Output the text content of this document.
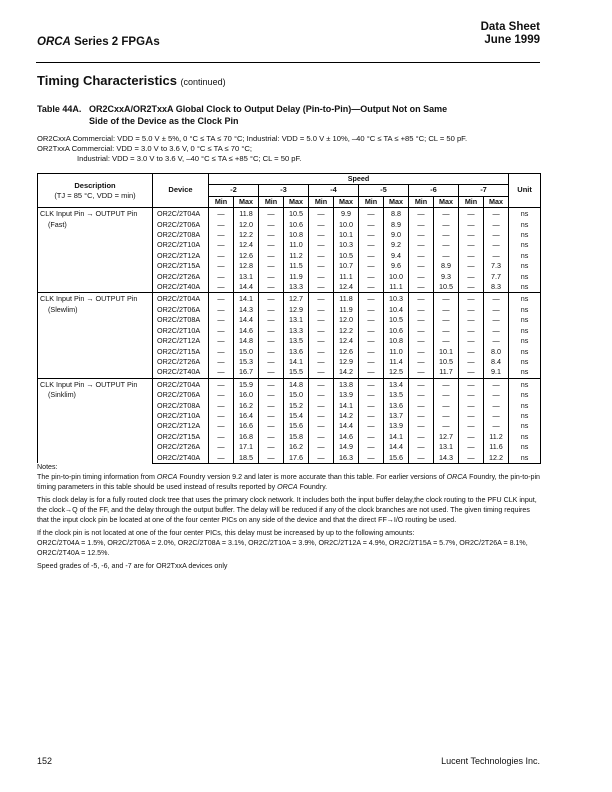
ORCA Series 2 FPGAs
Data Sheet
June 1999
Timing Characteristics (continued)
Table 44A. OR2CxxA/OR2TxxA Global Clock to Output Delay (Pin-to-Pin)—Output Not on Same
Side of the Device as the Clock Pin
OR2CxxA Commercial: VDD = 5.0 V ± 5%, 0 °C ≤ TA ≤ 70 °C; Industrial: VDD = 5.0 V ± 10%, –40 °C ≤ TA ≤ +85 °C; CL = 50 pF.
OR2TxxA Commercial: VDD = 3.0 V to 3.6 V, 0 °C ≤ TA ≤ 70 °C;
Industrial: VDD = 3.0 V to 3.6 V, –40 °C ≤ TA ≤ +85 °C; CL = 50 pF.
Description
(TJ = 85 °C, VDD = min)	Device	Speed												Unit
		-2		-3		-4		-5		-6		-7		
		Min	Max	Min	Max	Min	Max	Min	Max	Min	Max	Min	Max	

CLK Input Pin → OUTPUT Pin
(Fast)	OR2C/2T04A	—	11.8	—	10.5	—	9.9	—	8.8	—	—	—	—	ns
	OR2C/2T06A	—	12.0	—	10.6	—	10.0	—	8.9	—	—	—	—	ns
	OR2C/2T08A	—	12.2	—	10.8	—	10.1	—	9.0	—	—	—	—	ns
	OR2C/2T10A	—	12.4	—	11.0	—	10.3	—	9.2	—	—	—	—	ns
	OR2C/2T12A	—	12.6	—	11.2	—	10.5	—	9.4	—	—	—	—	ns
	OR2C/2T15A	—	12.8	—	11.5	—	10.7	—	9.6	—	8.9	—	7.3	ns
	OR2C/2T26A	—	13.1	—	11.9	—	11.1	—	10.0	—	9.3	—	7.7	ns
	OR2C/2T40A	—	14.4	—	13.3	—	12.4	—	11.1	—	10.5	—	8.3	ns

CLK Input Pin → OUTPUT Pin
(Slewlim)	OR2C/2T04A	—	14.1	—	12.7	—	11.8	—	10.3	—	—	—	—	ns
	OR2C/2T06A	—	14.3	—	12.9	—	11.9	—	10.4	—	—	—	—	ns
	OR2C/2T08A	—	14.4	—	13.1	—	12.0	—	10.5	—	—	—	—	ns
	OR2C/2T10A	—	14.6	—	13.3	—	12.2	—	10.6	—	—	—	—	ns
	OR2C/2T12A	—	14.8	—	13.5	—	12.4	—	10.8	—	—	—	—	ns
	OR2C/2T15A	—	15.0	—	13.6	—	12.6	—	11.0	—	10.1	—	8.0	ns
	OR2C/2T26A	—	15.3	—	14.1	—	12.9	—	11.4	—	10.5	—	8.4	ns
	OR2C/2T40A	—	16.7	—	15.5	—	14.2	—	12.5	—	11.7	—	9.1	ns

CLK Input Pin → OUTPUT Pin
(Sinklim)	OR2C/2T04A	—	15.9	—	14.8	—	13.8	—	13.4	—	—	—	—	ns
	OR2C/2T06A	—	16.0	—	15.0	—	13.9	—	13.5	—	—	—	—	ns
	OR2C/2T08A	—	16.2	—	15.2	—	14.1	—	13.6	—	—	—	—	ns
	OR2C/2T10A	—	16.4	—	15.4	—	14.2	—	13.7	—	—	—	—	ns
	OR2C/2T12A	—	16.6	—	15.6	—	14.4	—	13.9	—	—	—	—	ns
	OR2C/2T15A	—	16.8	—	15.8	—	14.6	—	14.1	—	12.7	—	11.2	ns
	OR2C/2T26A	—	17.1	—	16.2	—	14.9	—	14.4	—	13.1	—	11.6	ns
	OR2C/2T40A	—	18.5	—	17.6	—	16.3	—	15.6	—	14.3	—	12.2	ns

Notes:

The pin-to-pin timing information from ORCA Foundry version 9.2 and later is more accurate than this table. For earlier versions of ORCA Foundry, the pin-to-pin timing parameters in this table should be used instead of results reported by ORCA Foundry.

This clock delay is for a fully routed clock tree that uses the primary clock network. It includes both the input buffer delay,the clock routing to the PFU CLK input, the clock→Q of the FF, and the delay through the output buffer. The delay will be reduced if any of the clock branches are not used. The given timing requires that the input clock pin be located at one of the four center PICs on any side of the device and that the direct FF→I/O routing be used.

If the clock pin is not located at one of the four center PICs, this delay must be increased by up to the following amounts:
OR2C/2T04A = 1.5%, OR2C/2T06A = 2.0%, OR2C/2T08A = 3.1%, OR2C/2T10A = 3.9%, OR2C/2T12A = 4.9%, OR2C/2T15A = 5.7%, OR2C/2T26A = 8.1%, OR2C/2T40A = 12.5%.

Speed grades of -5, -6, and -7 are for OR2TxxA devices only

152	Lucent Technologies Inc.
